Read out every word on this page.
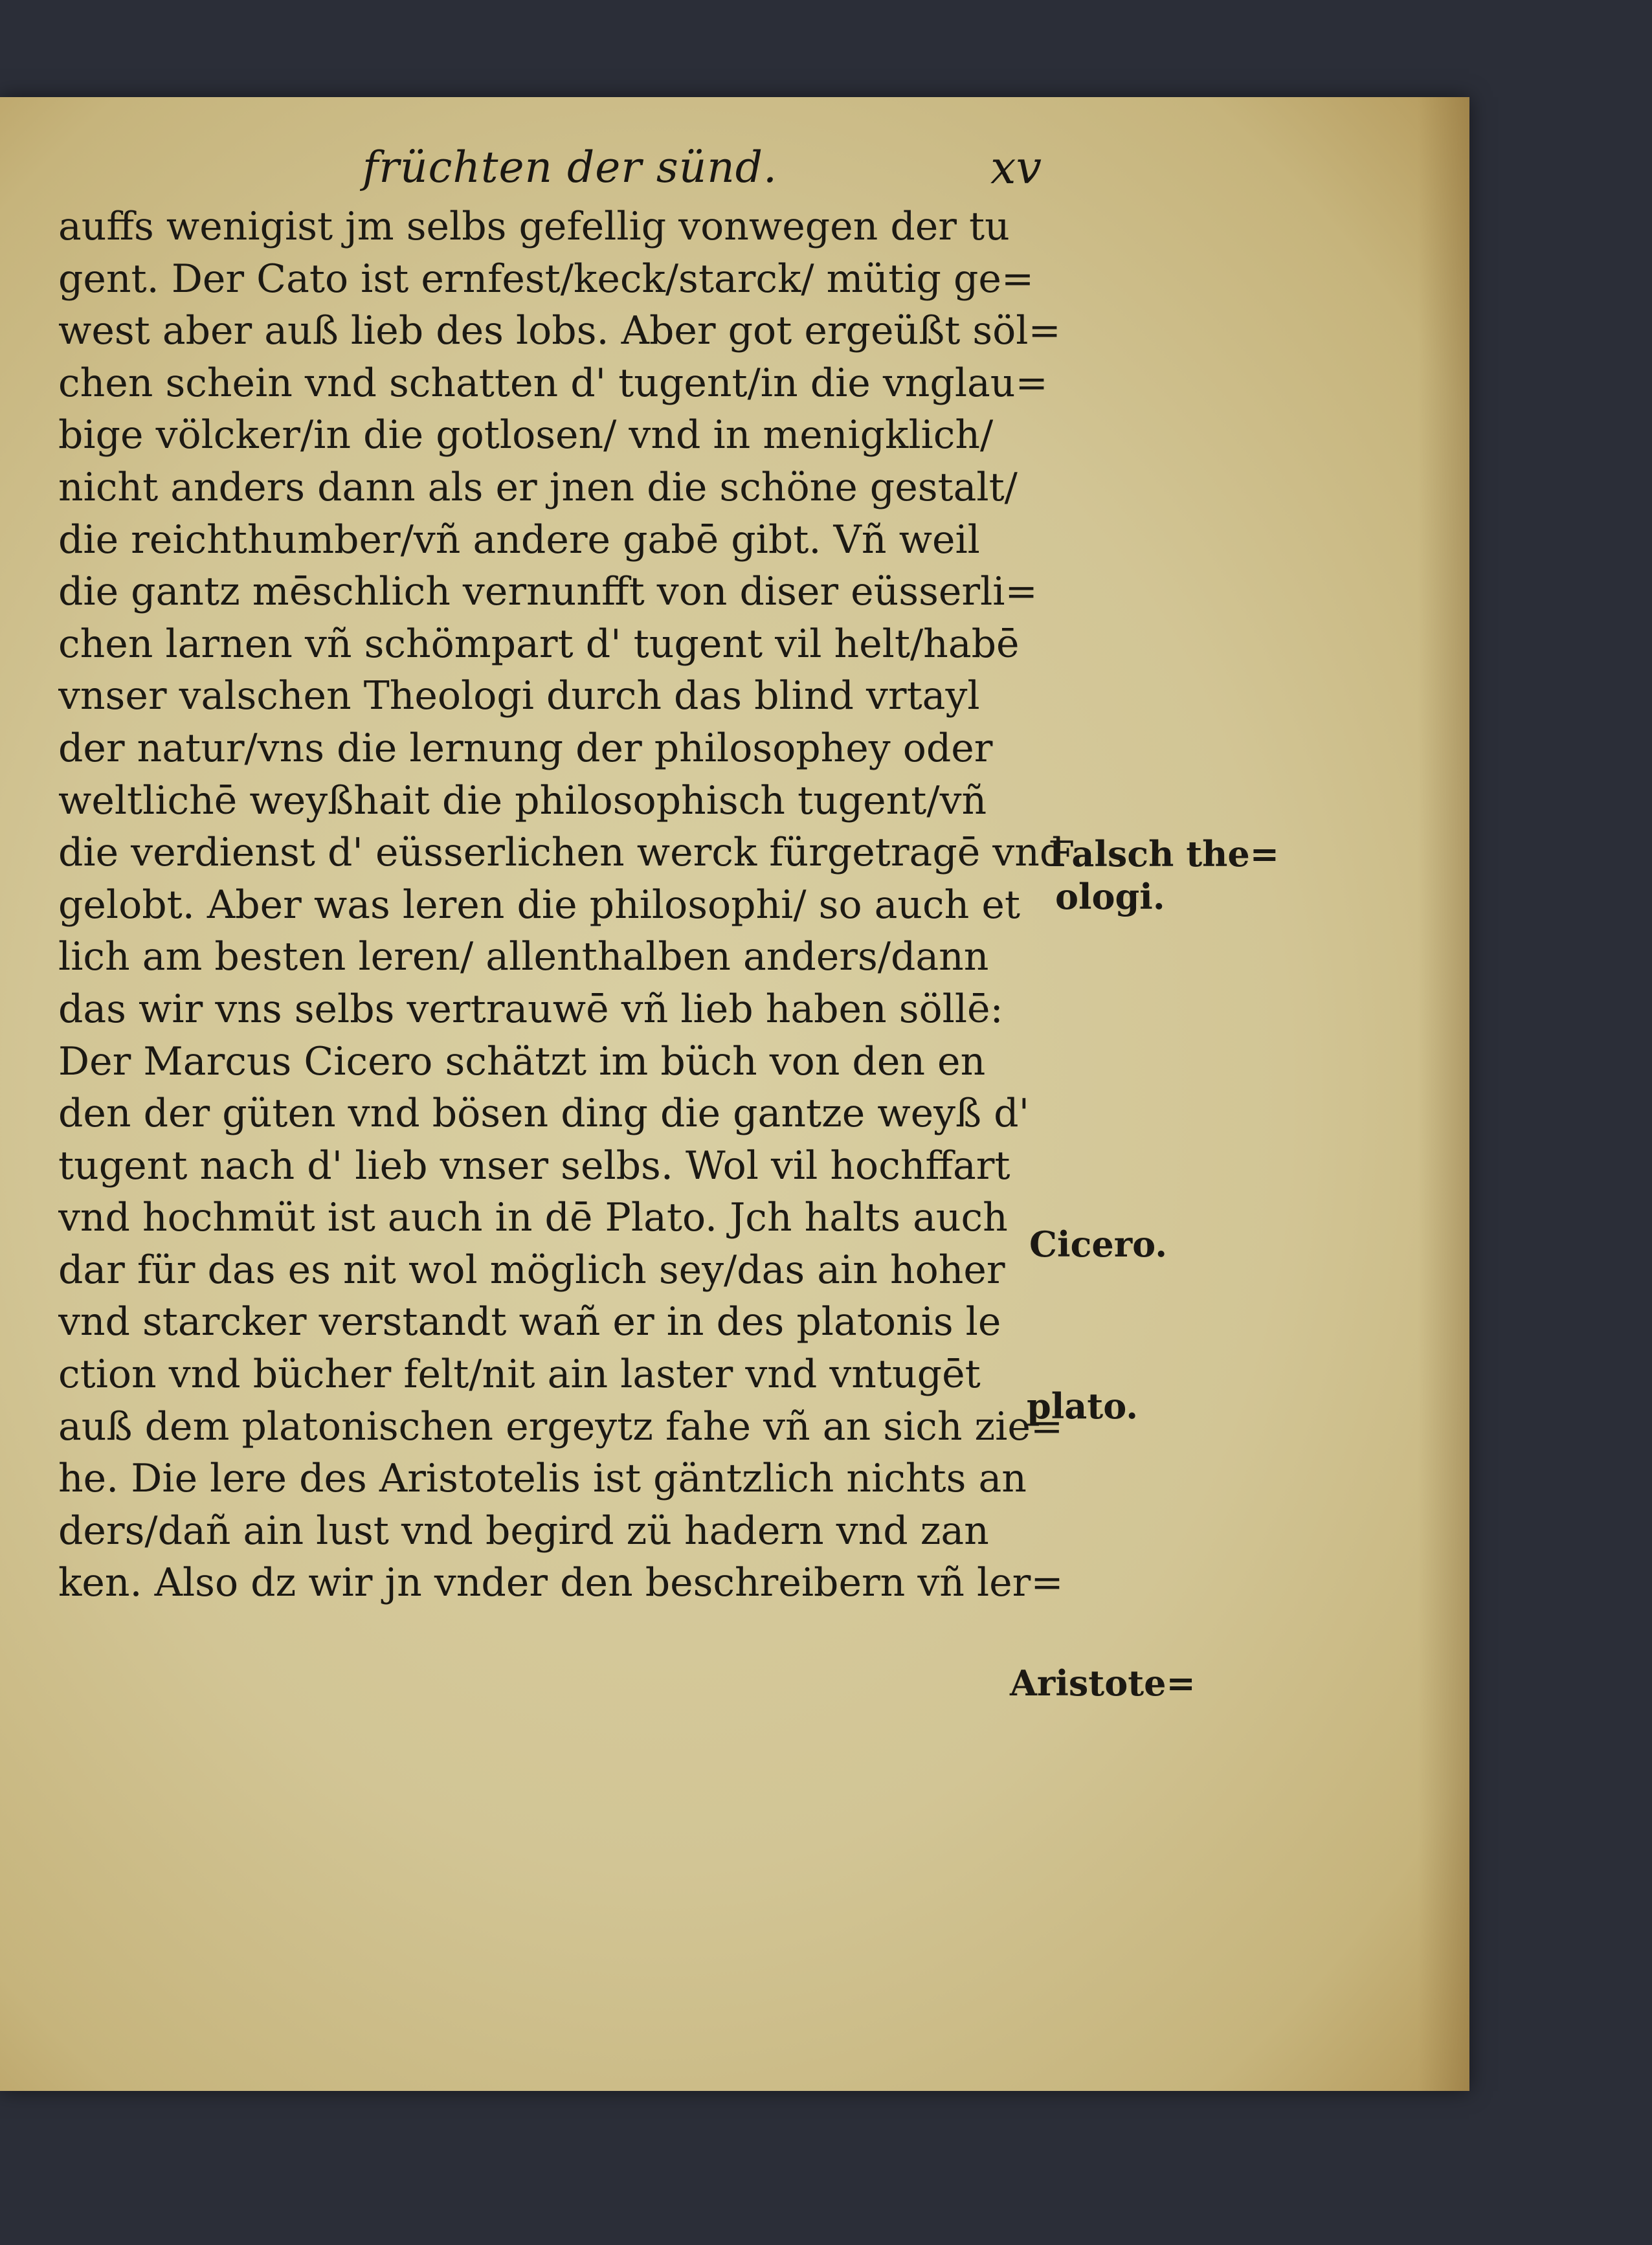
früchten der sünd.	xv
auffs wenigist jm selbs gefellig vonwegen der tu
gent. Der Cato ist ernfest/keck/starck/ mütig ge=
west aber auß lieb des lobs. Aber got ergeüßt söl=
chen schein vnd schatten d' tugent/in die vnglau=
bige völcker/in die gotlosen/ vnd in menigklich/
nicht anders dann als er jnen die schöne gestalt/
die reichthumber/vñ andere gabē gibt. Vñ weil
die gantz mēschlich vernunfft von diser eüsserli=
chen larnen vñ schömpart d' tugent vil helt/habē
vnser valschen Theologi durch das blind vrtayl
der natur/vns die lernung der philosophey oder
weltlichē weyßhait die philosophisch tugent/vñ
die verdienst d' eüsserlichen werck fürgetragē vnd
gelobt. Aber was leren die philosophi/ so auch et
lich am besten leren/ allenthalben anders/dann
das wir vns selbs vertrauwē vñ lieb haben söllē:
Der Marcus Cicero schätzt im büch von den en
den der güten vnd bösen ding die gantze weyß d'
tugent nach d' lieb vnser selbs. Wol vil hochffart
vnd hochmüt ist auch in dē Plato. Jch halts auch
dar für das es nit wol möglich sey/das ain hoher
vnd starcker verstandt wañ er in des platonis le
ction vnd bücher felt/nit ain laster vnd vntugēt
auß dem platonischen ergeytz fahe vñ an sich zie=
he. Die lere des Aristotelis ist gäntzlich nichts an
ders/dañ ain lust vnd begird zü hadern vnd zan
ken. Also dz wir jn vnder den beschreibern vñ ler=
Falsch the=
ologi.
Cicero.
plato.
Aristote=
